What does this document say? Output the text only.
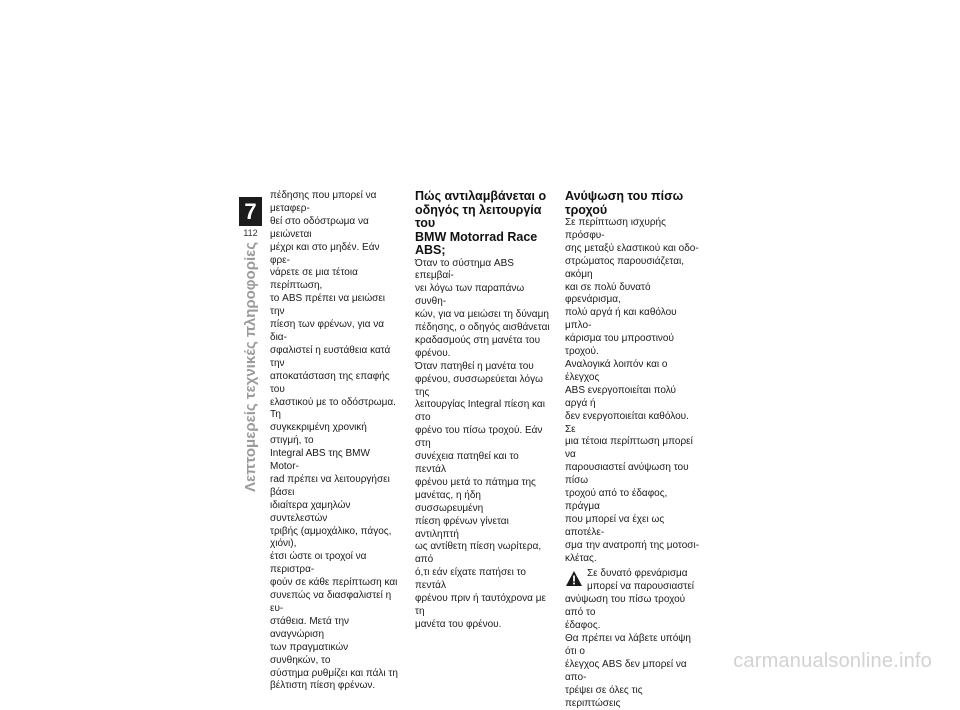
7
112
Λεπτομερείς τεχνικές πληροφορίες

πέδησης που μπορεί να μεταφερ-

θεί στο οδόστρωμα να μειώνεται

μέχρι και στο μηδέν. Εάν φρε-

νάρετε σε μια τέτοια περίπτωση,

το ABS πρέπει να μειώσει την

πίεση των φρένων, για να δια-

σφαλιστεί η ευστάθεια κατά την

αποκατάσταση της επαφής του

ελαστικού με το οδόστρωμα. Τη

συγκεκριμένη χρονική στιγμή, το

Integral ABS της BMW Motor-

rad πρέπει να λειτουργήσει βάσει

ιδιαίτερα χαμηλών συντελεστών

τριβής (αμμοχάλικο, πάγος, χιόνι),

έτσι ώστε οι τροχοί να περιστρα-

φούν σε κάθε περίπτωση και

συνεπώς να διασφαλιστεί η ευ-

στάθεια. Μετά την αναγνώριση

των πραγματικών συνθηκών, το

σύστημα ρυθμίζει και πάλι τη

βέλτιστη πίεση φρένων.

Πώς αντιλαμβάνεται ο

οδηγός τη λειτουργία του

BMW Motorrad Race ABS;

Όταν το σύστημα ABS επεμβαί-

νει λόγω των παραπάνω συνθη-

κών, για να μειώσει τη δύναμη

πέδησης, ο οδηγός αισθάνεται

κραδασμούς στη μανέτα του

φρένου.

Όταν πατηθεί η μανέτα του

φρένου, συσσωρεύεται λόγω της

λειτουργίας Integral πίεση και στο

φρένο του πίσω τροχού. Εάν στη

συνέχεια πατηθεί και το πεντάλ

φρένου μετά το πάτημα της

μανέτας, η ήδη συσσωρευμένη

πίεση φρένων γίνεται αντιληπτή

ως αντίθετη πίεση νωρίτερα, από

ό,τι εάν είχατε πατήσει το πεντάλ

φρένου πριν ή ταυτόχρονα με τη

μανέτα του φρένου.

Ανύψωση του πίσω

τροχού

Σε περίπτωση ισχυρής πρόσφυ-

σης μεταξύ ελαστικού και οδο-

στρώματος παρουσιάζεται, ακόμη

και σε πολύ δυνατό φρενάρισμα,

πολύ αργά ή και καθόλου μπλο-

κάρισμα του μπροστινού τροχού.

Αναλογικά λοιπόν και ο έλεγχος

ABS ενεργοποιείται πολύ αργά ή

δεν ενεργοποιείται καθόλου. Σε

μια τέτοια περίπτωση μπορεί να

παρουσιαστεί ανύψωση του πίσω

τροχού από το έδαφος, πράγμα

που μπορεί να έχει ως αποτέλε-

σμα την ανατροπή της μοτοσι-

κλέτας.

Σε δυνατό φρενάρισμα

μπορεί να παρουσιαστεί

ανύψωση του πίσω τροχού από το

έδαφος.

Θα πρέπει να λάβετε υπόψη ότι ο

έλεγχος ABS δεν μπορεί να απο-

τρέψει σε όλες τις περιπτώσεις

carmanualsonline.info
